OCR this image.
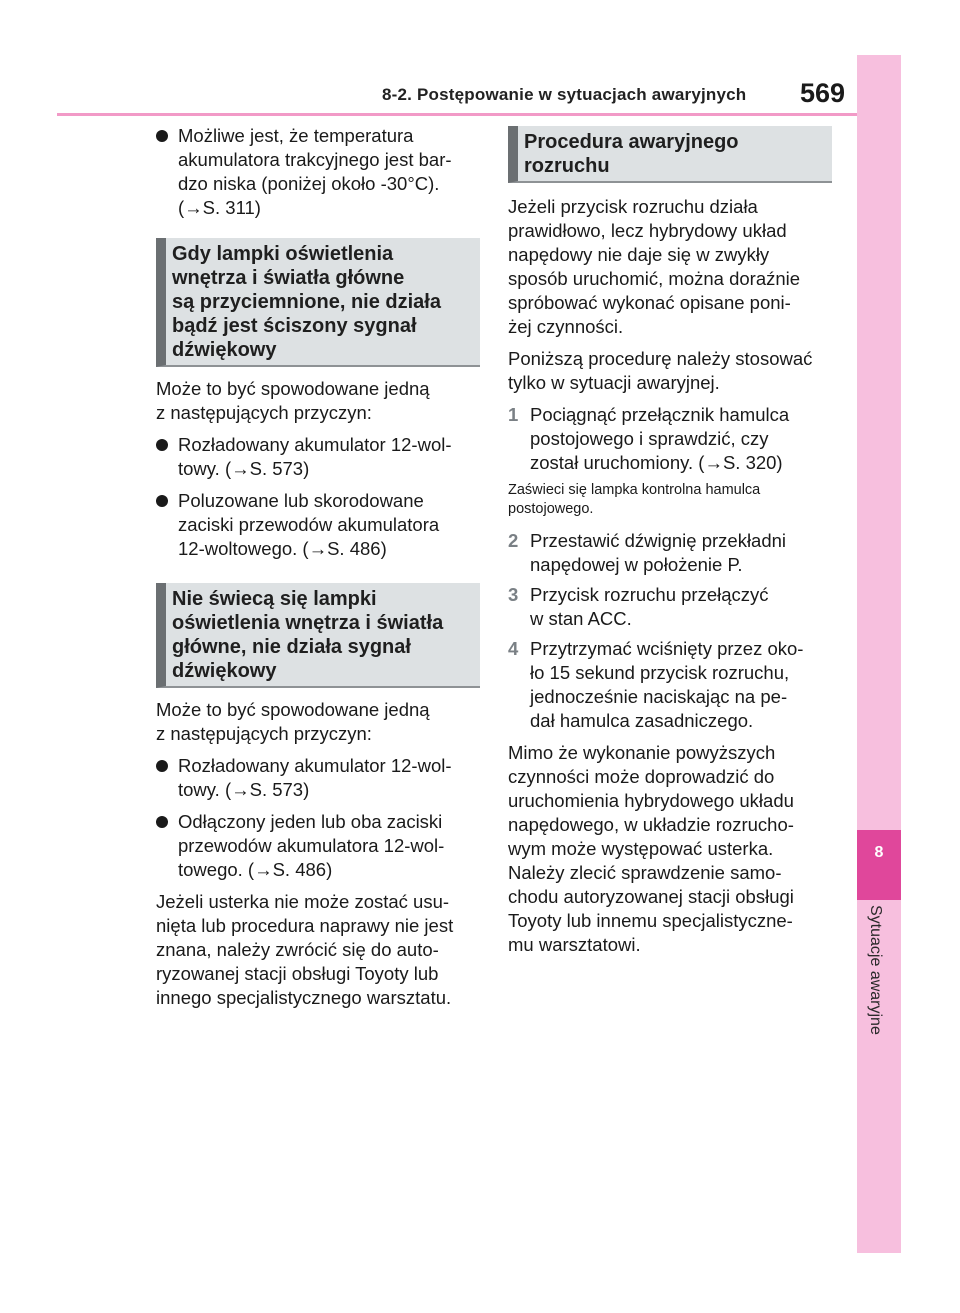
8-2. Postępowanie w sytuacjach awaryjnych 569
8
Sytuacje awaryjne
Możliwe jest, że temperatura
akumulatora trakcyjnego jest bar-
dzo niska (poniżej około -30°C).
(→S. 311)
Gdy lampki oświetlenia
wnętrza i światła główne
są przyciemnione, nie działa
bądź jest ściszony sygnał
dźwiękowy
Może to być spowodowane jedną
z następujących przyczyn:
Rozładowany akumulator 12-wol-
towy. (→S. 573)
Poluzowane lub skorodowane
zaciski przewodów akumulatora
12-woltowego. (→S. 486)
Nie świecą się lampki
oświetlenia wnętrza i światła
główne, nie działa sygnał
dźwiękowy
Może to być spowodowane jedną
z następujących przyczyn:
Rozładowany akumulator 12-wol-
towy. (→S. 573)
Odłączony jeden lub oba zaciski
przewodów akumulatora 12-wol-
towego. (→S. 486)
Jeżeli usterka nie może zostać usu-
nięta lub procedura naprawy nie jest
znana, należy zwrócić się do auto-
ryzowanej stacji obsługi Toyoty lub
innego specjalistycznego warsztatu.
Procedura awaryjnego
rozruchu
Jeżeli przycisk rozruchu działa
prawidłowo, lecz hybrydowy układ
napędowy nie daje się w zwykły
sposób uruchomić, można doraźnie
spróbować wykonać opisane poni-
żej czynności.
Poniższą procedurę należy stosować
tylko w sytuacji awaryjnej.
1 Pociągnąć przełącznik hamulca
postojowego i sprawdzić, czy
został uruchomiony. (→S. 320)
Zaświeci się lampka kontrolna hamulca
postojowego.
2 Przestawić dźwignię przekładni
napędowej w położenie P.
3 Przycisk rozruchu przełączyć
w stan ACC.
4 Przytrzymać wciśnięty przez oko-
ło 15 sekund przycisk rozruchu,
jednocześnie naciskając na pe-
dał hamulca zasadniczego.
Mimo że wykonanie powyższych
czynności może doprowadzić do
uruchomienia hybrydowego układu
napędowego, w układzie rozrucho-
wym może występować usterka.
Należy zlecić sprawdzenie samo-
chodu autoryzowanej stacji obsługi
Toyoty lub innemu specjalistyczne-
mu warsztatowi.
